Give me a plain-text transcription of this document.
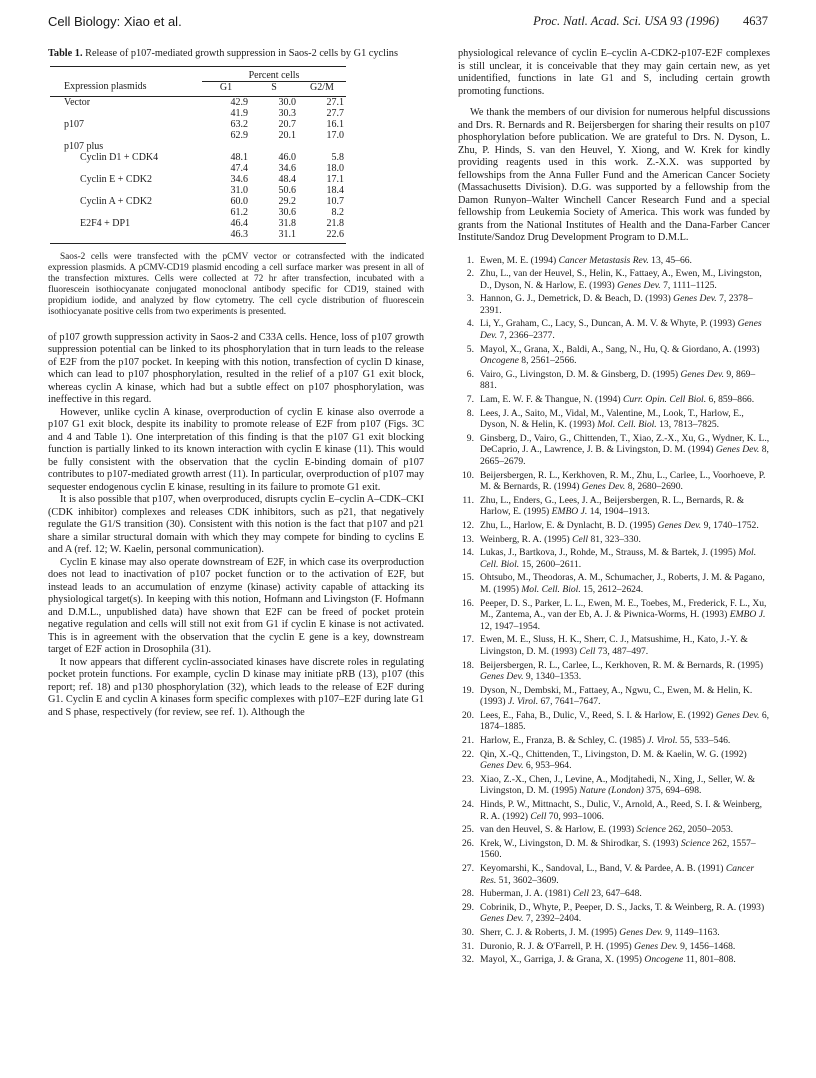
Cell Biology: Xiao et al.	Proc. Natl. Acad. Sci. USA 93 (1996) 4637
Table 1. Release of p107-mediated growth suppression in Saos-2 cells by G1 cyclins
	Percent cells		
Expression plasmids	G1	S	G2/M
Vector	42.9	30.0	27.1
	41.9	30.3	27.7
p107	63.2	20.7	16.1
	62.9	20.1	17.0
p107 plus			
Cyclin D1 + CDK4	48.1	46.0	5.8
	47.4	34.6	18.0
Cyclin E + CDK2	34.6	48.4	17.1
	31.0	50.6	18.4
Cyclin A + CDK2	60.0	29.2	10.7
	61.2	30.6	8.2
E2F4 + DP1	46.4	31.8	21.8
	46.3	31.1	22.6
Saos-2 cells were transfected with the pCMV vector or cotransfected with the indicated expression plasmids. A pCMV-CD19 plasmid encoding a cell surface marker was present in all of the transfection mixtures. Cells were collected at 72 hr after transfection, incubated with a fluorescein isothiocyanate conjugated monoclonal antibody specific for CD19, stained with propidium iodide, and analyzed by flow cytometry. The cell cycle distribution of fluorescein isothiocyanate positive cells from two experiments is presented.

of p107 growth suppression activity in Saos-2 and C33A cells. Hence, loss of p107 growth suppression potential can be linked to its phosphorylation that in turn leads to the release of E2F from the p107 pocket. In keeping with this notion, transfection of cyclin D kinase, which can lead to p107 phosphorylation, resulted in the relief of a p107 G1 exit block, whereas cyclin A kinase, which had but a subtle effect on p107 phosphorylation, was ineffective in this regard.

However, unlike cyclin A kinase, overproduction of cyclin E kinase also overrode a p107 G1 exit block, despite its inability to promote release of E2F from p107 (Figs. 3C and 4 and Table 1). One interpretation of this finding is that the p107 G1 exit blocking function is partially linked to its known interaction with cyclin E kinase (11). This would be fully consistent with the observation that the cyclin E-binding domain of p107 contributes to p107-mediated growth arrest (11). In particular, overproduction of p107 may sequester endogenous cyclin E kinase, resulting in its failure to promote G1 exit.

It is also possible that p107, when overproduced, disrupts cyclin E–cyclin A–CDK–CKI (CDK inhibitor) complexes and releases CDK inhibitors, such as p21, that negatively regulate the G1/S transition (30). Consistent with this notion is the fact that p107 and p21 share a similar structural domain with which they may compete for binding to cyclins E and A (ref. 12; W. Kaelin, personal communication).

Cyclin E kinase may also operate downstream of E2F, in which case its overproduction does not lead to inactivation of p107 pocket function or to the activation of E2F, but instead leads to an accumulation of enzyme (kinase) activity capable of attacking its physiological target(s). In keeping with this notion, Hofmann and Livingston (F. Hofmann and D.M.L., unpublished data) have shown that E2F can be freed of pocket protein negative regulation and cells will still not exit from G1 if cyclin E kinase is not activated. This is in agreement with the observation that the cyclin E gene is a key, downstream target of E2F action in Drosophila (31).

It now appears that different cyclin-associated kinases have discrete roles in regulating pocket protein functions. For example, cyclin D kinase may initiate pRB (13), p107 (this report; ref. 18) and p130 phosphorylation (32), which leads to the release of E2F during G1. Cyclin E and cyclin A kinases form specific complexes with p107–E2F during late G1 and S phase, respectively (for review, see ref. 1). Although the

physiological relevance of cyclin E–cyclin A-CDK2-p107-E2F complexes is still unclear, it is conceivable that they may gain certain new, as yet unidentified, functions in late G1 and S, including certain growth promoting functions.

We thank the members of our division for numerous helpful discussions and Drs. R. Bernards and R. Beijersbergen for sharing their results on p107 phosphorylation before publication. We are grateful to Drs. N. Dyson, L. Zhu, P. Hinds, S. van den Heuvel, Y. Xiong, and W. Krek for kindly providing reagents used in this work. Z.-X.X. was supported by fellowships from the Anna Fuller Fund and the American Cancer Society (Massachusetts Division). D.G. was supported by a fellowship from the Damon Runyon–Walter Winchell Cancer Research Fund and a special fellowship from Leukemia Society of America. This work was funded by grants from the National Institutes of Health and the Dana-Farber Cancer Institute/Sandoz Drug Development Program to D.M.L.

1. Ewen, M. E. (1994) Cancer Metastasis Rev. 13, 45–66.
2. Zhu, L., van der Heuvel, S., Helin, K., Fattaey, A., Ewen, M., Livingston, D., Dyson, N. & Harlow, E. (1993) Genes Dev. 7, 1111–1125.
3. Hannon, G. J., Demetrick, D. & Beach, D. (1993) Genes Dev. 7, 2378–2391.
4. Li, Y., Graham, C., Lacy, S., Duncan, A. M. V. & Whyte, P. (1993) Genes Dev. 7, 2366–2377.
5. Mayol, X., Grana, X., Baldi, A., Sang, N., Hu, Q. & Giordano, A. (1993) Oncogene 8, 2561–2566.
6. Vairo, G., Livingston, D. M. & Ginsberg, D. (1995) Genes Dev. 9, 869–881.
7. Lam, E. W. F. & Thangue, N. (1994) Curr. Opin. Cell Biol. 6, 859–866.
8. Lees, J. A., Saito, M., Vidal, M., Valentine, M., Look, T., Harlow, E., Dyson, N. & Helin, K. (1993) Mol. Cell. Biol. 13, 7813–7825.
9. Ginsberg, D., Vairo, G., Chittenden, T., Xiao, Z.-X., Xu, G., Wydner, K. L., DeCaprio, J. A., Lawrence, J. B. & Livingston, D. M. (1994) Genes Dev. 8, 2665–2679.
10. Beijersbergen, R. L., Kerkhoven, R. M., Zhu, L., Carlee, L., Voorhoeve, P. M. & Bernards, R. (1994) Genes Dev. 8, 2680–2690.
11. Zhu, L., Enders, G., Lees, J. A., Beijersbergen, R. L., Bernards, R. & Harlow, E. (1995) EMBO J. 14, 1904–1913.
12. Zhu, L., Harlow, E. & Dynlacht, B. D. (1995) Genes Dev. 9, 1740–1752.
13. Weinberg, R. A. (1995) Cell 81, 323–330.
14. Lukas, J., Bartkova, J., Rohde, M., Strauss, M. & Bartek, J. (1995) Mol. Cell. Biol. 15, 2600–2611.
15. Ohtsubo, M., Theodoras, A. M., Schumacher, J., Roberts, J. M. & Pagano, M. (1995) Mol. Cell. Biol. 15, 2612–2624.
16. Peeper, D. S., Parker, L. L., Ewen, M. E., Toebes, M., Frederick, F. L., Xu, M., Zantema, A., van der Eb, A. J. & Piwnica-Worms, H. (1993) EMBO J. 12, 1947–1954.
17. Ewen, M. E., Sluss, H. K., Sherr, C. J., Matsushime, H., Kato, J.-Y. & Livingston, D. M. (1993) Cell 73, 487–497.
18. Beijersbergen, R. L., Carlee, L., Kerkhoven, R. M. & Bernards, R. (1995) Genes Dev. 9, 1340–1353.
19. Dyson, N., Dembski, M., Fattaey, A., Ngwu, C., Ewen, M. & Helin, K. (1993) J. Virol. 67, 7641–7647.
20. Lees, E., Faha, B., Dulic, V., Reed, S. I. & Harlow, E. (1992) Genes Dev. 6, 1874–1885.
21. Harlow, E., Franza, B. & Schley, C. (1985) J. Virol. 55, 533–546.
22. Qin, X.-Q., Chittenden, T., Livingston, D. M. & Kaelin, W. G. (1992) Genes Dev. 6, 953–964.
23. Xiao, Z.-X., Chen, J., Levine, A., Modjtahedi, N., Xing, J., Seller, W. & Livingston, D. M. (1995) Nature (London) 375, 694–698.
24. Hinds, P. W., Mittnacht, S., Dulic, V., Arnold, A., Reed, S. I. & Weinberg, R. A. (1992) Cell 70, 993–1006.
25. van den Heuvel, S. & Harlow, E. (1993) Science 262, 2050–2053.
26. Krek, W., Livingston, D. M. & Shirodkar, S. (1993) Science 262, 1557–1560.
27. Keyomarshi, K., Sandoval, L., Band, V. & Pardee, A. B. (1991) Cancer Res. 51, 3602–3609.
28. Huberman, J. A. (1981) Cell 23, 647–648.
29. Cobrinik, D., Whyte, P., Peeper, D. S., Jacks, T. & Weinberg, R. A. (1993) Genes Dev. 7, 2392–2404.
30. Sherr, C. J. & Roberts, J. M. (1995) Genes Dev. 9, 1149–1163.
31. Duronio, R. J. & O'Farrell, P. H. (1995) Genes Dev. 9, 1456–1468.
32. Mayol, X., Garriga, J. & Grana, X. (1995) Oncogene 11, 801–808.
